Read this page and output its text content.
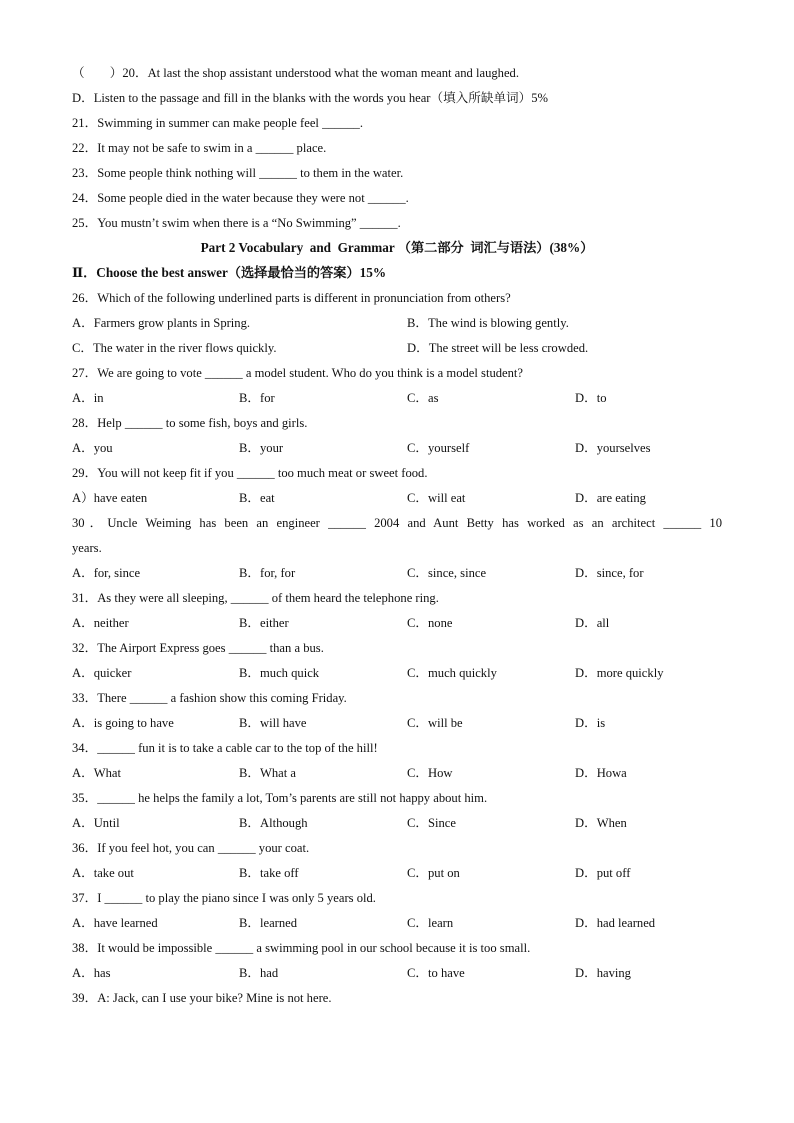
（　　）20．At last the shop assistant understood what the woman meant and laughed.
D．Listen to the passage and fill in the blanks with the words you hear（填入所缺单词）5%
21．Swimming in summer can make people feel ______.
22．It may not be safe to swim in a ______ place.
23．Some people think nothing will ______ to them in the water.
24．Some people died in the water because they were not ______.
25．You mustn’t swim when there is a “No Swimming” ______.
Part 2 Vocabulary  and  Grammar （第二部分  词汇与语法）(38%）
Ⅱ．Choose the best answer（选择最恰当的答案）15%
26．Which of the following underlined parts is different in pronunciation from others?
A．Farmers grow plants in Spring.	B．The wind is blowing gently.
C．The water in the river flows quickly.	D．The street will be less crowded.
27．We are going to vote ______ a model student. Who do you think is a model student?
A．in	B．for	C．as	D．to
28．Help ______ to some fish, boys and girls.
A．you	B．your	C．yourself	D．yourselves
29．You will not keep fit if you ______ too much meat or sweet food.
A）have eaten	B．eat	C．will eat	D．are eating
30．Uncle Weiming has been an engineer ______ 2004 and Aunt Betty has worked as an architect ______ 10
years.
A．for, since	B．for, for	C．since, since	D．since, for
31．As they were all sleeping, ______ of them heard the telephone ring.
A．neither	B．either	C．none	D．all
32．The Airport Express goes ______ than a bus.
A．quicker	B．much quick	C．much quickly	D．more quickly
33．There ______ a fashion show this coming Friday.
A．is going to have	B．will have	C．will be	D．is
34．______ fun it is to take a cable car to the top of the hill!
A．What	B．What a	C．How	D．Howa
35．______ he helps the family a lot, Tom’s parents are still not happy about him.
A．Until	B．Although	C．Since	D．When
36．If you feel hot, you can ______ your coat.
A．take out	B．take off	C．put on	D．put off
37．I ______ to play the piano since I was only 5 years old.
A．have learned	B．learned	C．learn	D．had learned
38．It would be impossible ______ a swimming pool in our school because it is too small.
A．has	B．had	C．to have	D．having
39．A: Jack, can I use your bike? Mine is not here.
